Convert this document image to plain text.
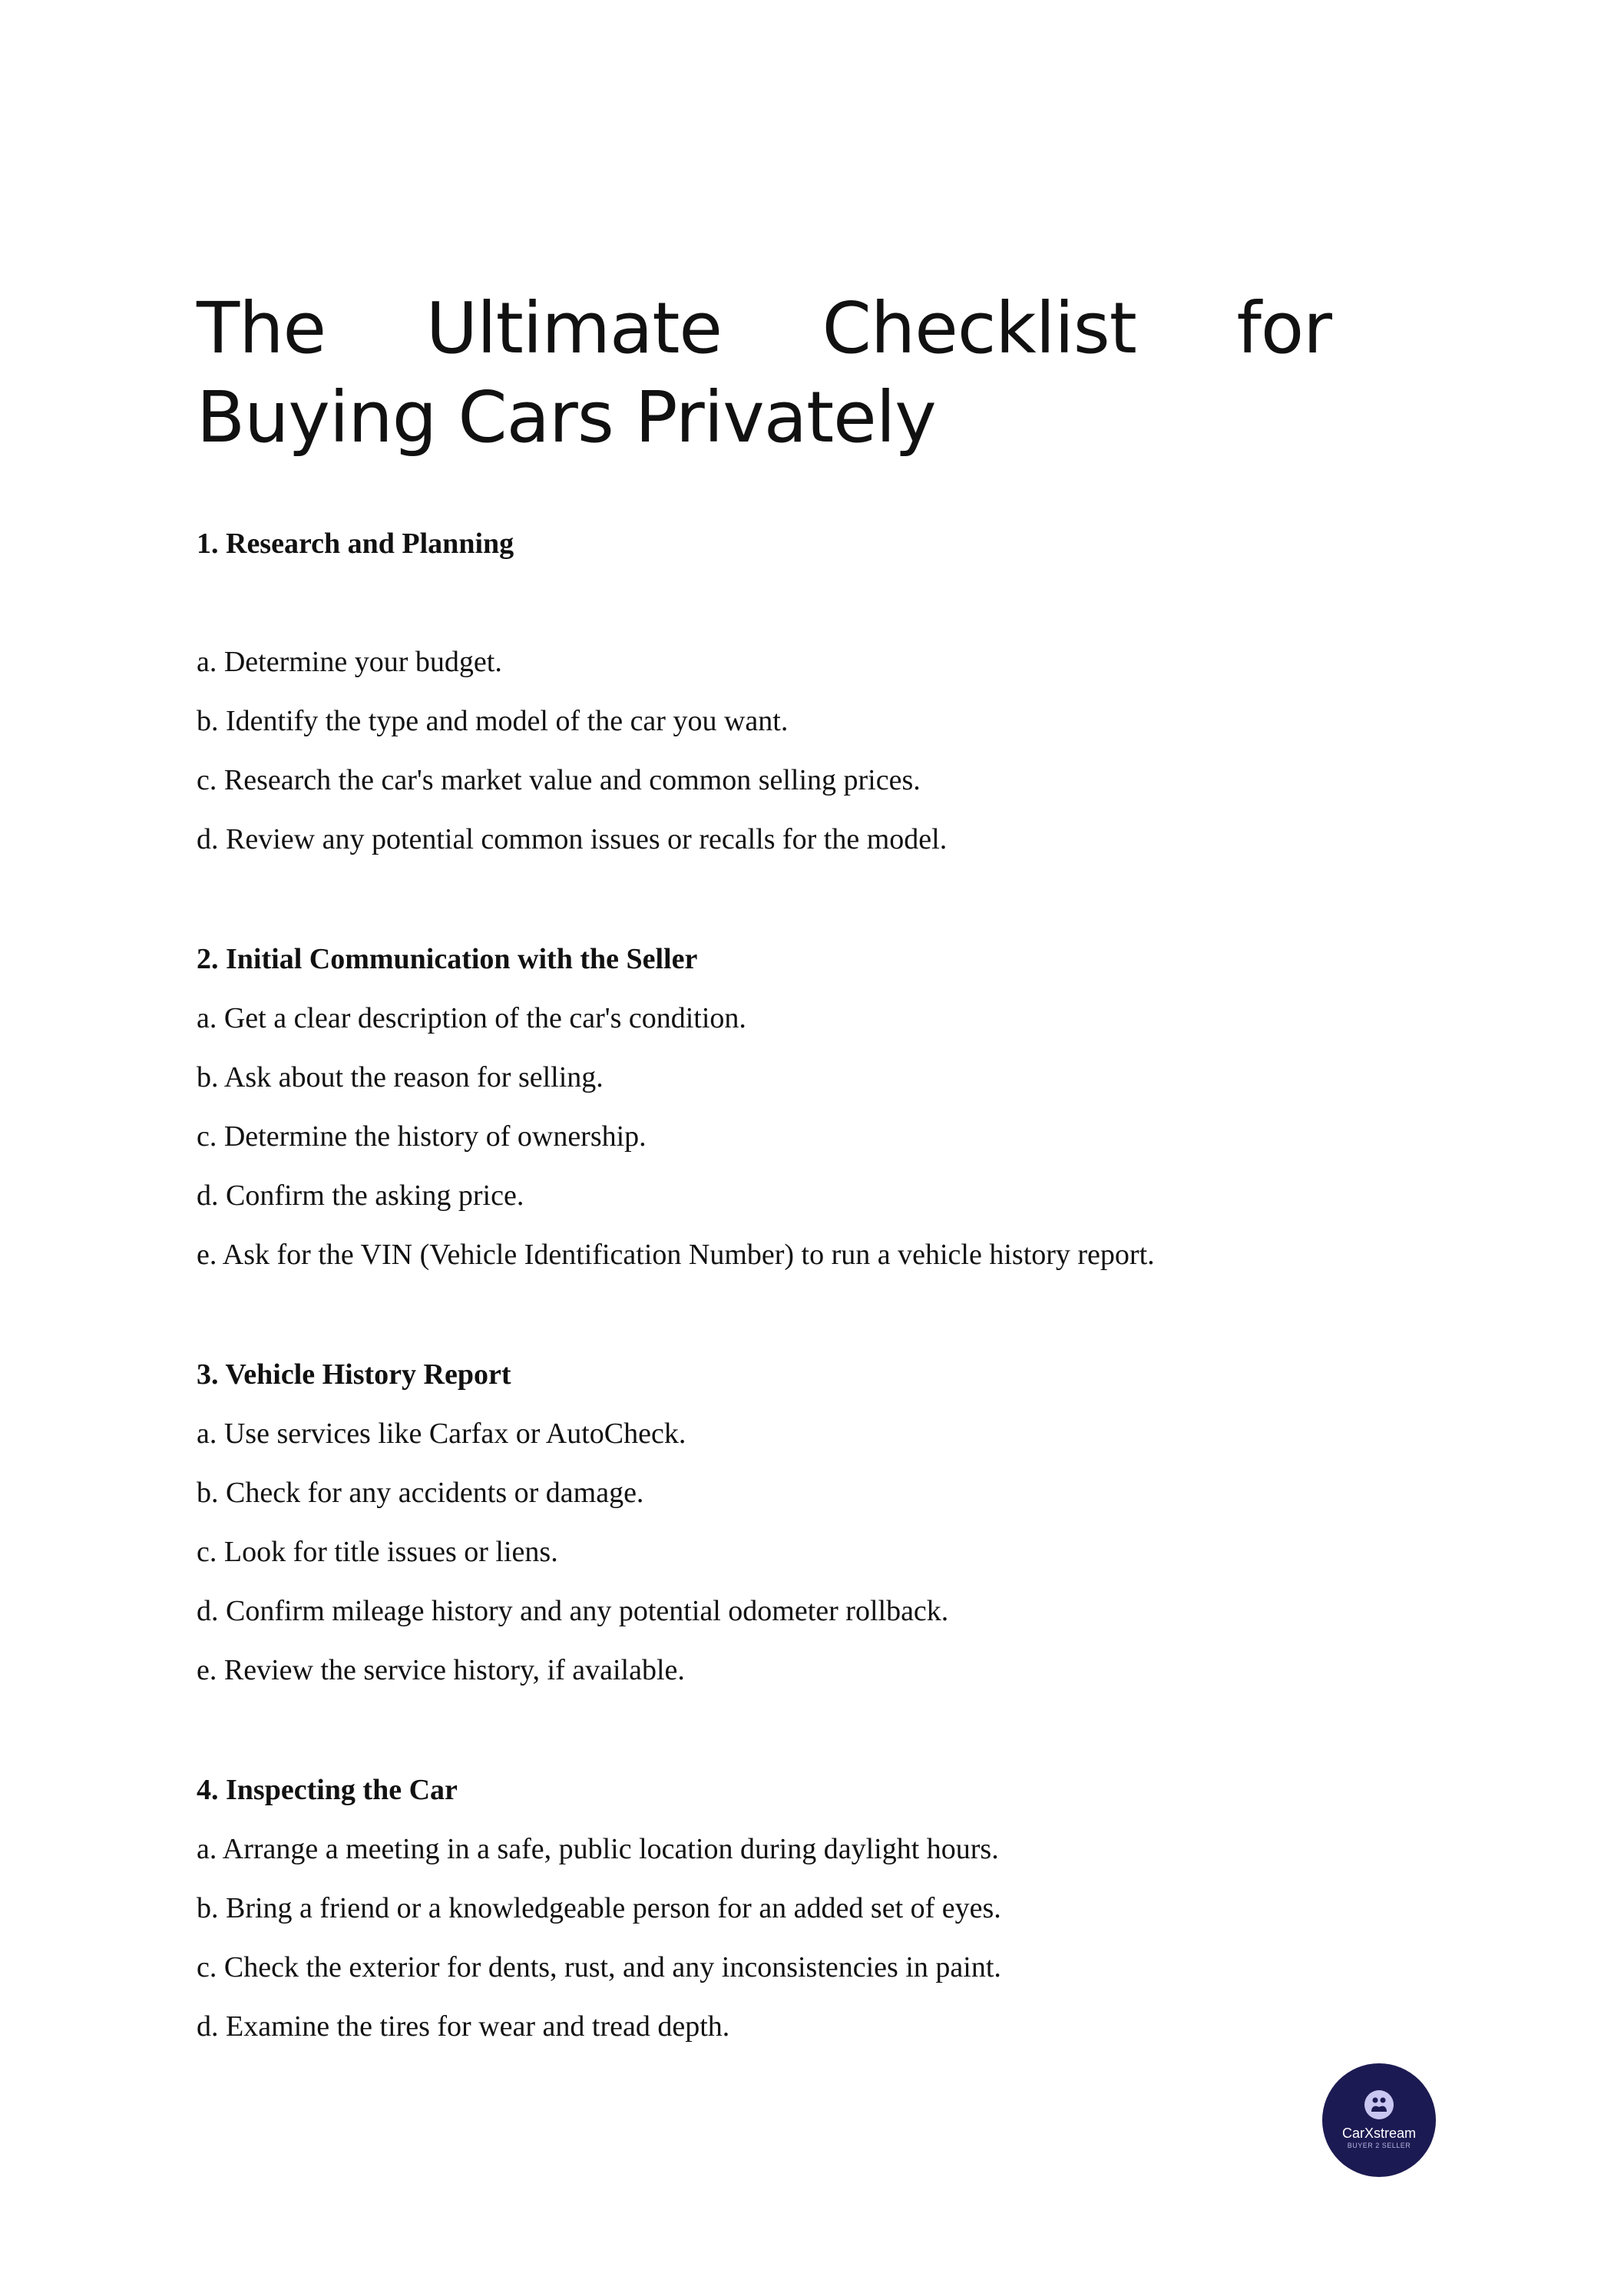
The Ultimate Checklist for Buying Cars Privately

1. Research and Planning

a. Determine your budget.

b. Identify the type and model of the car you want.

c. Research the car's market value and common selling prices.

d. Review any potential common issues or recalls for the model.

2. Initial Communication with the Seller

a. Get a clear description of the car's condition.

b. Ask about the reason for selling.

c. Determine the history of ownership.

d. Confirm the asking price.

e. Ask for the VIN (Vehicle Identification Number) to run a vehicle history report.

3. Vehicle History Report

a. Use services like Carfax or AutoCheck.

b. Check for any accidents or damage.

c. Look for title issues or liens.

d. Confirm mileage history and any potential odometer rollback.

e. Review the service history, if available.

4. Inspecting the Car

a. Arrange a meeting in a safe, public location during daylight hours.

b. Bring a friend or a knowledgeable person for an added set of eyes.

c. Check the exterior for dents, rust, and any inconsistencies in paint.

d. Examine the tires for wear and tread depth.

CarXstream
BUYER 2 SELLER
